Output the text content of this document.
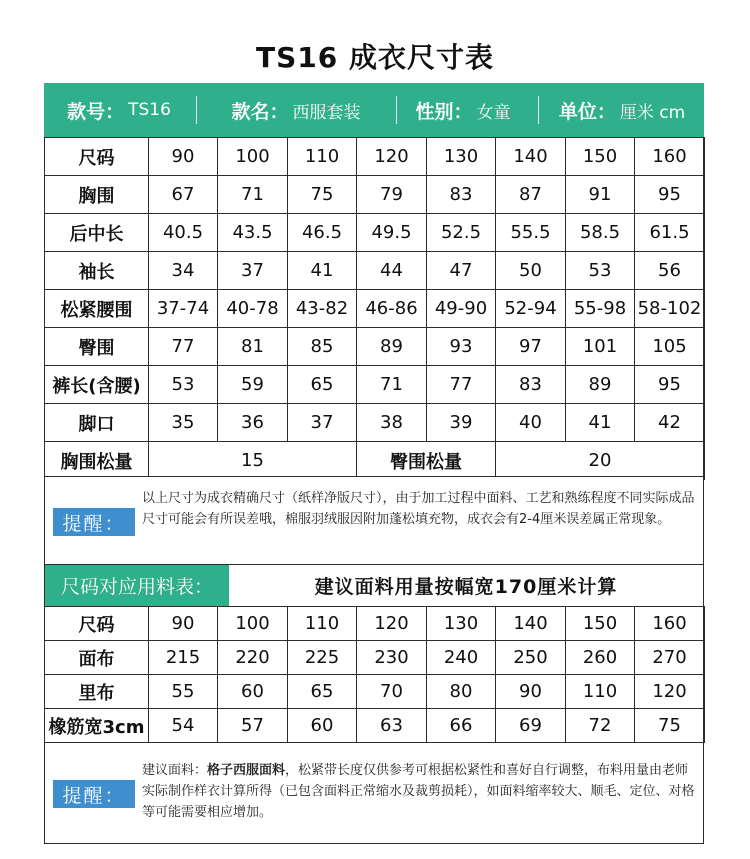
TS16 成衣尺寸表
款号： TS16	款名： 西服套装	性别： 女童	单位： 厘米 cm
尺码	90	100	110	120	130	140	150	160
胸围	67	71	75	79	83	87	91	95
后中长	40.5	43.5	46.5	49.5	52.5	55.5	58.5	61.5
袖长	34	37	41	44	47	50	53	56
松紧腰围	37-74	40-78	43-82	46-86	49-90	52-94	55-98	58-102
臀围	77	81	85	89	93	97	101	105
裤长(含腰)	53	59	65	71	77	83	89	95
脚口	35	36	37	38	39	40	41	42
胸围松量	15			臀围松量		20		
提醒：
以上尺寸为成衣精确尺寸（纸样净版尺寸），由于加工过程中面料、工艺和熟练程度不同实际成品尺寸可能会有所误差哦，棉服羽绒服因附加蓬松填充物，成衣会有2-4厘米误差属正常现象。
尺码对应用料表：	建议面料用量按幅宽170厘米计算
尺码	90	100	110	120	130	140	150	160
面布	215	220	225	230	240	250	260	270
里布	55	60	65	70	80	90	110	120
橡筋宽3cm	54	57	60	63	66	69	72	75
提醒：
建议面料：格子西服面料，松紧带长度仅供参考可根据松紧性和喜好自行调整，布料用量由老师实际制作样衣计算所得（已包含面料正常缩水及裁剪损耗），如面料缩率较大、顺毛、定位、对格等可能需要相应增加。
